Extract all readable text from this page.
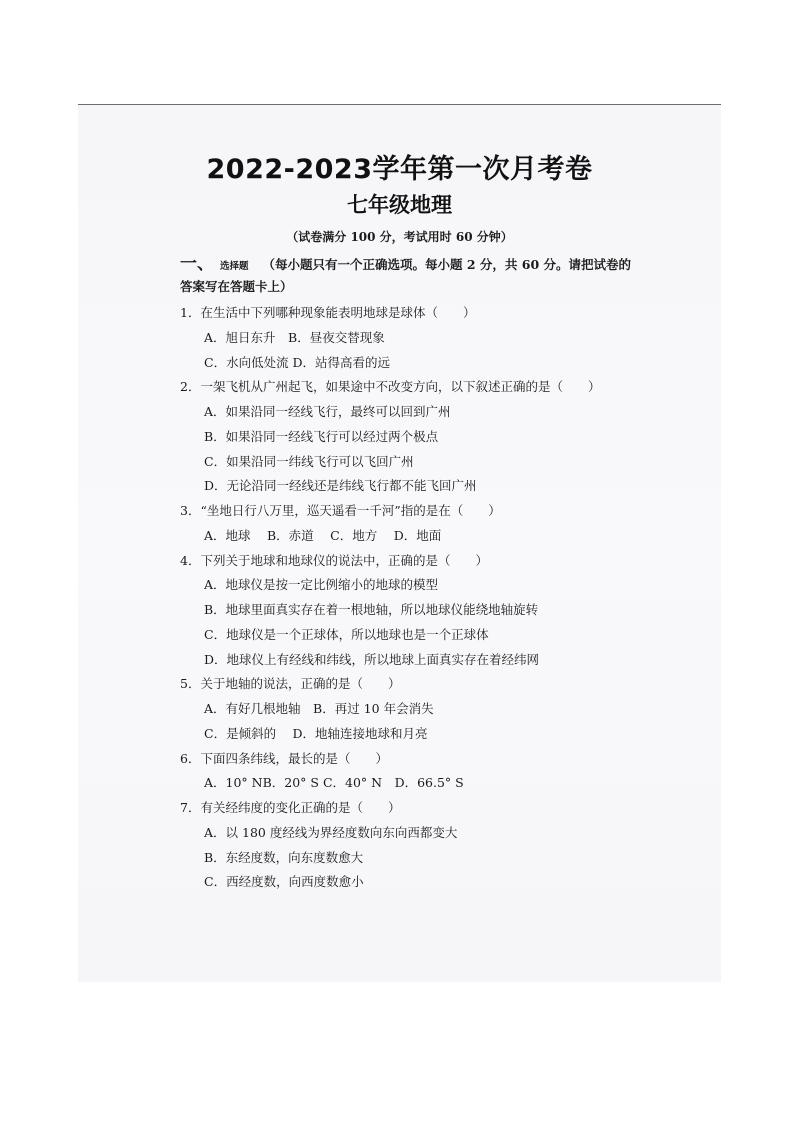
2022-2023学年第一次月考卷
七年级地理
（试卷满分 100 分，考试用时 60 分钟）
一、 选择题 （每小题只有一个正确选项。每小题 2 分，共 60 分。请把试卷的
答案写在答题卡上）
1．在生活中下列哪种现象能表明地球是球体（　　）
A．旭日东升　B．昼夜交替现象
C．水向低处流 D．站得高看的远
2．一架飞机从广州起飞，如果途中不改变方向，以下叙述正确的是（　　）
A．如果沿同一经线飞行，最终可以回到广州
B．如果沿同一经线飞行可以经过两个极点
C．如果沿同一纬线飞行可以飞回广州
D．无论沿同一经线还是纬线飞行都不能飞回广州
3．“坐地日行八万里，巡天遥看一千河”指的是在（　　）
A．地球　 B．赤道　 C．地方　 D．地面
4．下列关于地球和地球仪的说法中，正确的是（　　）
A．地球仪是按一定比例缩小的地球的模型
B．地球里面真实存在着一根地轴，所以地球仪能绕地轴旋转
C．地球仪是一个正球体，所以地球也是一个正球体
D．地球仪上有经线和纬线，所以地球上面真实存在着经纬网
5．关于地轴的说法，正确的是（　　）
A．有好几根地轴　B．再过 10 年会消失
C．是倾斜的　 D．地轴连接地球和月亮
6．下面四条纬线，最长的是（　　）
A．10° NB．20° S C．40° N　D．66.5° S
7．有关经纬度的变化正确的是（　　）
A．以 180 度经线为界经度数向东向西都变大
B．东经度数，向东度数愈大
C．西经度数，向西度数愈小
